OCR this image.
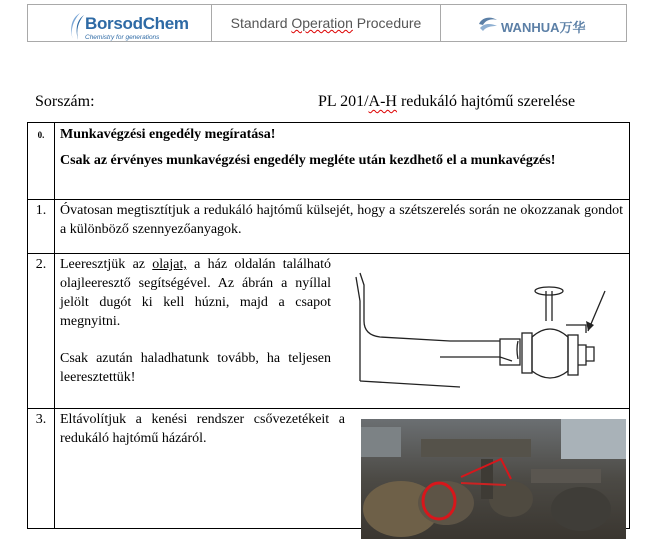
BorsodChem
Chemistry for generations
Standard Operation Procedure	WANHUA万华
Sorszám:	PL 201/A-H redukáló hajtómű szerelése
0.	Munkavégzési engedély megíratása!
Csak az érvényes munkavégzési engedély megléte után kezdhető el a munkavégzés!

1.	Óvatosan megtisztítjuk a redukáló hajtómű külsejét, hogy a szétszerelés során ne okozzanak gondot a különböző szennyezőanyagok.
2.	Leeresztjük az olajat, a ház oldalán található olajleeresztő segítségével. Az ábrán a nyíllal jelölt dugót ki kell húzni, majd a csapot megnyitni.
Csak azután haladhatunk tovább, ha teljesen leeresztettük!

3.	Eltávolítjuk a kenési rendszer csővezetékeit a redukáló hajtómű házáról.
